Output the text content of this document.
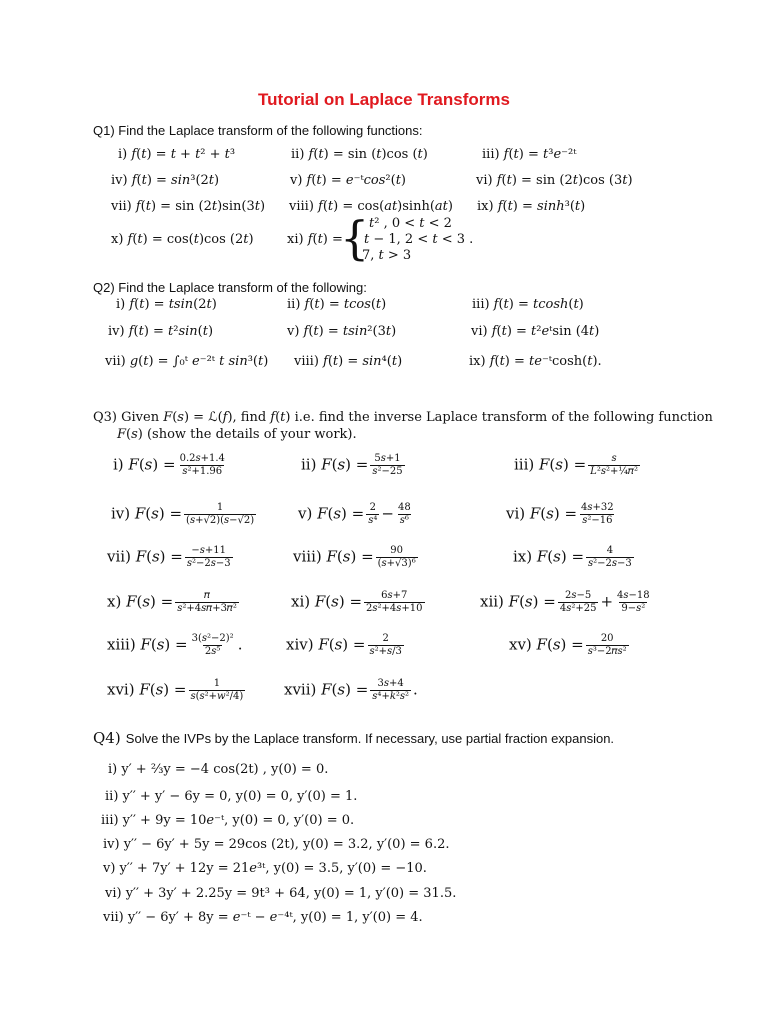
Tutorial on Laplace Transforms
Q1) Find the Laplace transform of the following functions:
i) 𝑓(𝑡) = 𝑡 + 𝑡² + 𝑡³	ii) 𝑓(𝑡) = sin (𝑡)cos (𝑡)	iii) 𝑓(𝑡) = 𝑡³𝑒⁻²ᵗ
iv) 𝑓(𝑡) = 𝑠𝑖𝑛³(2𝑡)	v) 𝑓(𝑡) = 𝑒⁻ᵗ𝑐𝑜𝑠²(𝑡)	vi) 𝑓(𝑡) = sin (2𝑡)cos (3𝑡)
vii) 𝑓(𝑡) = sin (2𝑡)sin(3𝑡) viii) 𝑓(𝑡) = cos(𝑎𝑡)sinh(𝑎𝑡) ix) 𝑓(𝑡) = 𝑠𝑖𝑛ℎ³(𝑡)
x) 𝑓(𝑡) = cos(𝑡)cos (2𝑡)	xi) 𝑓(𝑡) =
{ 𝑡² , 0 < 𝑡 < 2
𝑡 − 1, 2 < 𝑡 < 3 .
7, 𝑡 > 3
Q2) Find the Laplace transform of the following:
i) 𝑓(𝑡) = 𝑡𝑠𝑖𝑛(2𝑡)	ii) 𝑓(𝑡) = 𝑡𝑐𝑜𝑠(𝑡)	iii) 𝑓(𝑡) = 𝑡𝑐𝑜𝑠ℎ(𝑡)
iv) 𝑓(𝑡) = 𝑡²𝑠𝑖𝑛(𝑡)	v) 𝑓(𝑡) = 𝑡𝑠𝑖𝑛²(3𝑡)	vi) 𝑓(𝑡) = 𝑡²𝑒ᵗsin (4𝑡)
vii) 𝑔(𝑡) = ∫₀ᵗ 𝑒⁻²ᵗ 𝑡 𝑠𝑖𝑛³(𝑡) viii) 𝑓(𝑡) = 𝑠𝑖𝑛⁴(𝑡)	ix) 𝑓(𝑡) = 𝑡𝑒⁻ᵗcosh(𝑡).
Q3) Given 𝐹(𝑠) = ℒ(𝑓), find 𝑓(𝑡) i.e. find the inverse Laplace transform of the following function
𝐹(𝑠) (show the details of your work).
i) 𝐹(𝑠) = $\frac{\text{0.2𝑠+1.4}}{\text{𝑠²+1.96}}$	ii) 𝐹(𝑠) = $\frac{\text{5𝑠+1}}{\text{𝑠²−25}}$	iii) 𝐹(𝑠) = $\frac{\text{𝑠}}{\text{𝐿²𝑠²+¼𝜋²}}$
iv) 𝐹(𝑠) = $\frac{1}{\text{(𝑠+√2)(𝑠−√2)}}$	v) 𝐹(𝑠) = $\frac{2}{\text{𝑠⁴}} - \frac{48}{\text{𝑠⁶}}$	vi) 𝐹(𝑠) = $\frac{\text{4𝑠+32}}{\text{𝑠²−16}}$
vii) 𝐹(𝑠) = $\frac{\text{−𝑠+11}}{\text{𝑠²−2𝑠−3}}$	viii) 𝐹(𝑠) = $\frac{90}{\text{(𝑠+√3)⁶}}$	ix) 𝐹(𝑠) = $\frac{4}{\text{𝑠²−2𝑠−3}}$
x) 𝐹(𝑠) = $\frac{\text{𝜋}}{\text{𝑠²+4𝑠𝜋+3𝜋²}}$	xi) 𝐹(𝑠) = $\frac{\text{6𝑠+7}}{\text{2𝑠²+4𝑠+10}}$	xii) 𝐹(𝑠) = $\frac{\text{2𝑠−5}}{\text{4𝑠²+25}} + \frac{\text{4𝑠−18}}{\text{9−𝑠²}}$
xiii) 𝐹(𝑠) = $\frac{\text{3(𝑠²−2)²}}{\text{2𝑠⁵}}$ .	xiv) 𝐹(𝑠) = $\frac{2}{\text{𝑠²+𝑠/3}}$	xv) 𝐹(𝑠) = $\frac{20}{\text{𝑠³−2𝜋𝑠²}}$
xvi) 𝐹(𝑠) = $\frac{1}{\text{𝑠(𝑠²+𝑤²/4)}}$	xvii) 𝐹(𝑠) = $\frac{\text{3𝑠+4}}{\text{𝑠⁴+𝑘²𝑠²}}$ .
Q4) Solve the IVPs by the Laplace transform. If necessary, use partial fraction expansion.
i) y′ + ⅔y = −4 cos(2t) , y(0) = 0.
ii) y′′ + y′ − 6y = 0, y(0) = 0, y′(0) = 1.
iii) y′′ + 9y = 10𝑒⁻ᵗ, y(0) = 0, y′(0) = 0.
iv) y′′ − 6y′ + 5y = 29cos (2t), y(0) = 3.2, y′(0) = 6.2.
v) y′′ + 7y′ + 12y = 21𝑒³ᵗ, y(0) = 3.5, y′(0) = −10.
vi) y′′ + 3y′ + 2.25y = 9t³ + 64, y(0) = 1, y′(0) = 31.5.
vii) y′′ − 6y′ + 8y = 𝑒⁻ᵗ − 𝑒⁻⁴ᵗ, y(0) = 1, y′(0) = 4.
